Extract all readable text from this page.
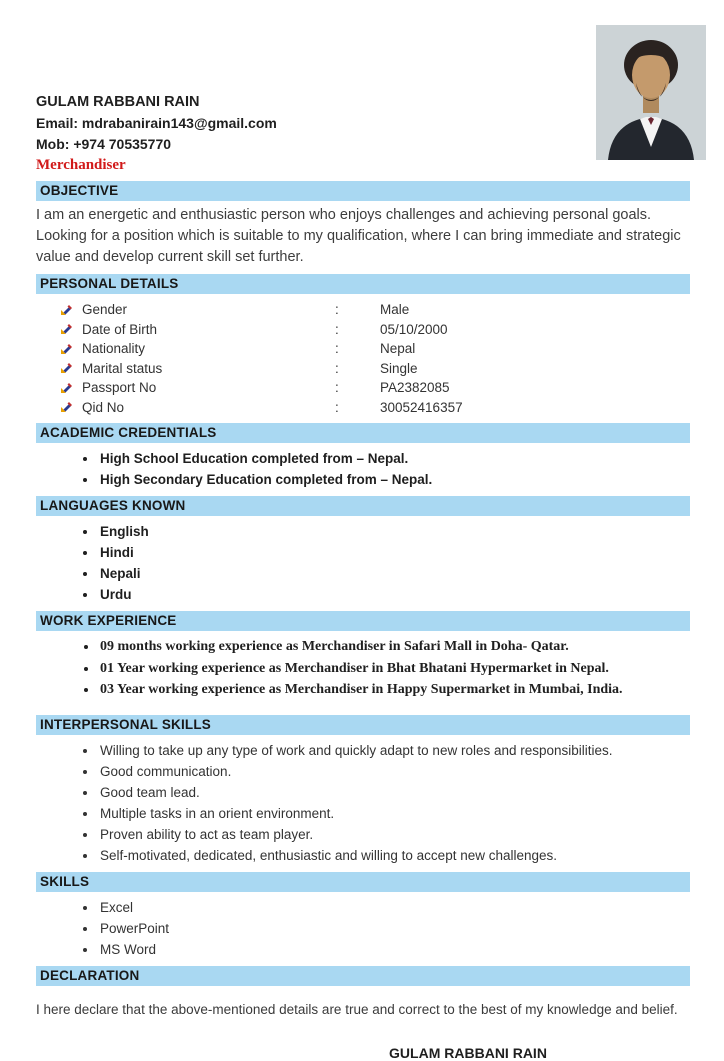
GULAM RABBANI RAIN
Email: mdrabanirain143@gmail.com
Mob: +974 70535770
Merchandiser
OBJECTIVE

I am an energetic and enthusiastic person who enjoys challenges and achieving personal goals. Looking for a position which is suitable to my qualification, where I can bring immediate and strategic value and develop current skill set further.

PERSONAL DETAILS
Gender	:	Male
Date of Birth	:	05/10/2000
Nationality	:	Nepal
Marital status	:	Single
Passport No	:	PA2382085
Qid No	:	30052416357
ACADEMIC CREDENTIALS
• High School Education completed from – Nepal.
• High Secondary Education completed from – Nepal.
LANGUAGES KNOWN
• English
• Hindi
• Nepali
• Urdu
WORK EXPERIENCE
• 09 months working experience as Merchandiser in Safari Mall in Doha- Qatar.
• 01 Year working experience as Merchandiser in Bhat Bhatani Hypermarket in Nepal.
• 03 Year working experience as Merchandiser in Happy Supermarket in Mumbai, India.
INTERPERSONAL SKILLS
• Willing to take up any type of work and quickly adapt to new roles and responsibilities.
• Good communication.
• Good team lead.
• Multiple tasks in an orient environment.
• Proven ability to act as team player.
• Self-motivated, dedicated, enthusiastic and willing to accept new challenges.
SKILLS
• Excel
• PowerPoint
• MS Word
DECLARATION

I here declare that the above-mentioned details are true and correct to the best of my knowledge and belief.

GULAM RABBANI RAIN
